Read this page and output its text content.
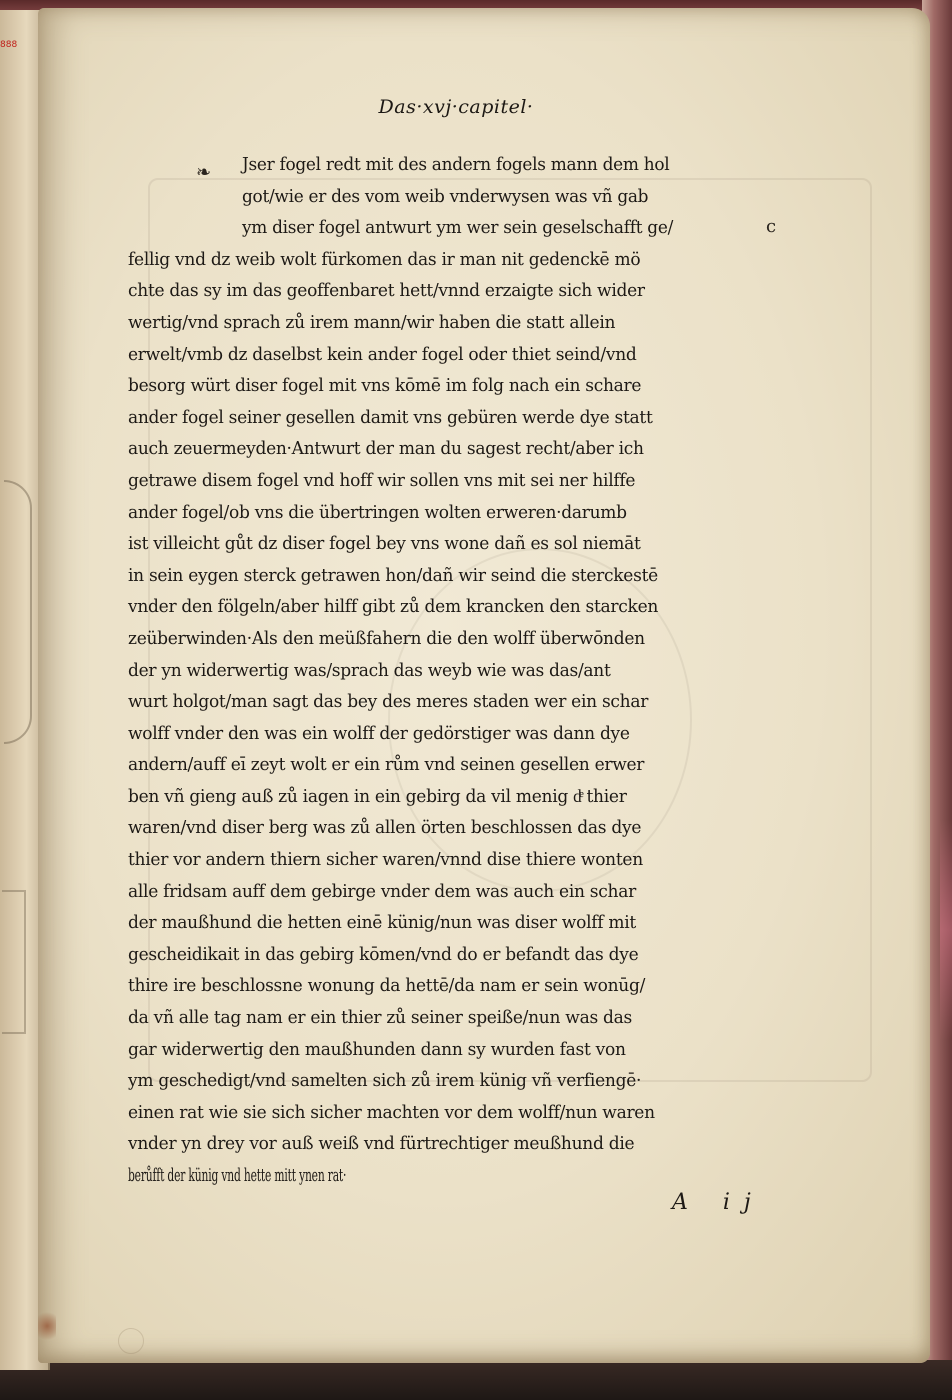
888
Das·xvj·capitel·
❧
c
Jser fogel redt mit des andern fogels mann dem hol
got/wie er des vom weib vnderwysen was vñ gab
ym diser fogel antwurt ym wer sein geselschafft ge/
fellig vnd dz weib wolt fürkomen das ir man nit gedenckē mö
chte das sy im das geoffenbaret hett/vnnd erzaigte sich wider
wertig/vnd sprach zů irem mann/wir haben die statt allein
erwelt/vmb dz daselbst kein ander fogel oder thiet seind/vnd
besorg würt diser fogel mit vns kōmē im folg nach ein schare
ander fogel seiner gesellen damit vns gebüren werde dye statt
auch zeuermeyden·Antwurt der man du sagest recht/aber ich
getrawe disem fogel vnd hoff wir sollen vns mit sei ner hilffe
ander fogel/ob vns die übertringen wolten erweren·darumb
ist villeicht gůt dz diser fogel bey vns wone dañ es sol niemāt
in sein eygen sterck getrawen hon/dañ wir seind die sterckestē
vnder den fölgeln/aber hilff gibt zů dem krancken den starcken
zeüberwinden·Als den meüßfahern die den wolff überwōnden
der yn widerwertig was/sprach das weyb wie was das/ant
wurt holgot/man sagt das bey des meres staden wer ein schar
wolff vnder den was ein wolff der gedörstiger was dann dye
andern/auff eī zeyt wolt er ein rům vnd seinen gesellen erwer
ben vñ gieng auß zů iagen in ein gebirg da vil menig dͤ thier
waren/vnd diser berg was zů allen örten beschlossen das dye
thier vor andern thiern sicher waren/vnnd dise thiere wonten
alle fridsam auff dem gebirge vnder dem was auch ein schar
der maußhund die hetten einē künig/nun was diser wolff mit
gescheidikait in das gebirg kōmen/vnd do er befandt das dye
thire ire beschlossne wonung da hettē/da nam er sein wonūg/
da vñ alle tag nam er ein thier zů seiner speiße/nun was das
gar widerwertig den maußhunden dann sy wurden fast von
ym geschedigt/vnd samelten sich zů irem künig vñ verfiengē·
einen rat wie sie sich sicher machten vor dem wolff/nun waren
vnder yn drey vor auß weiß vnd fürtrechtiger meußhund die
berůfft der künig vnd hette mitt ynen rat·
A ij
